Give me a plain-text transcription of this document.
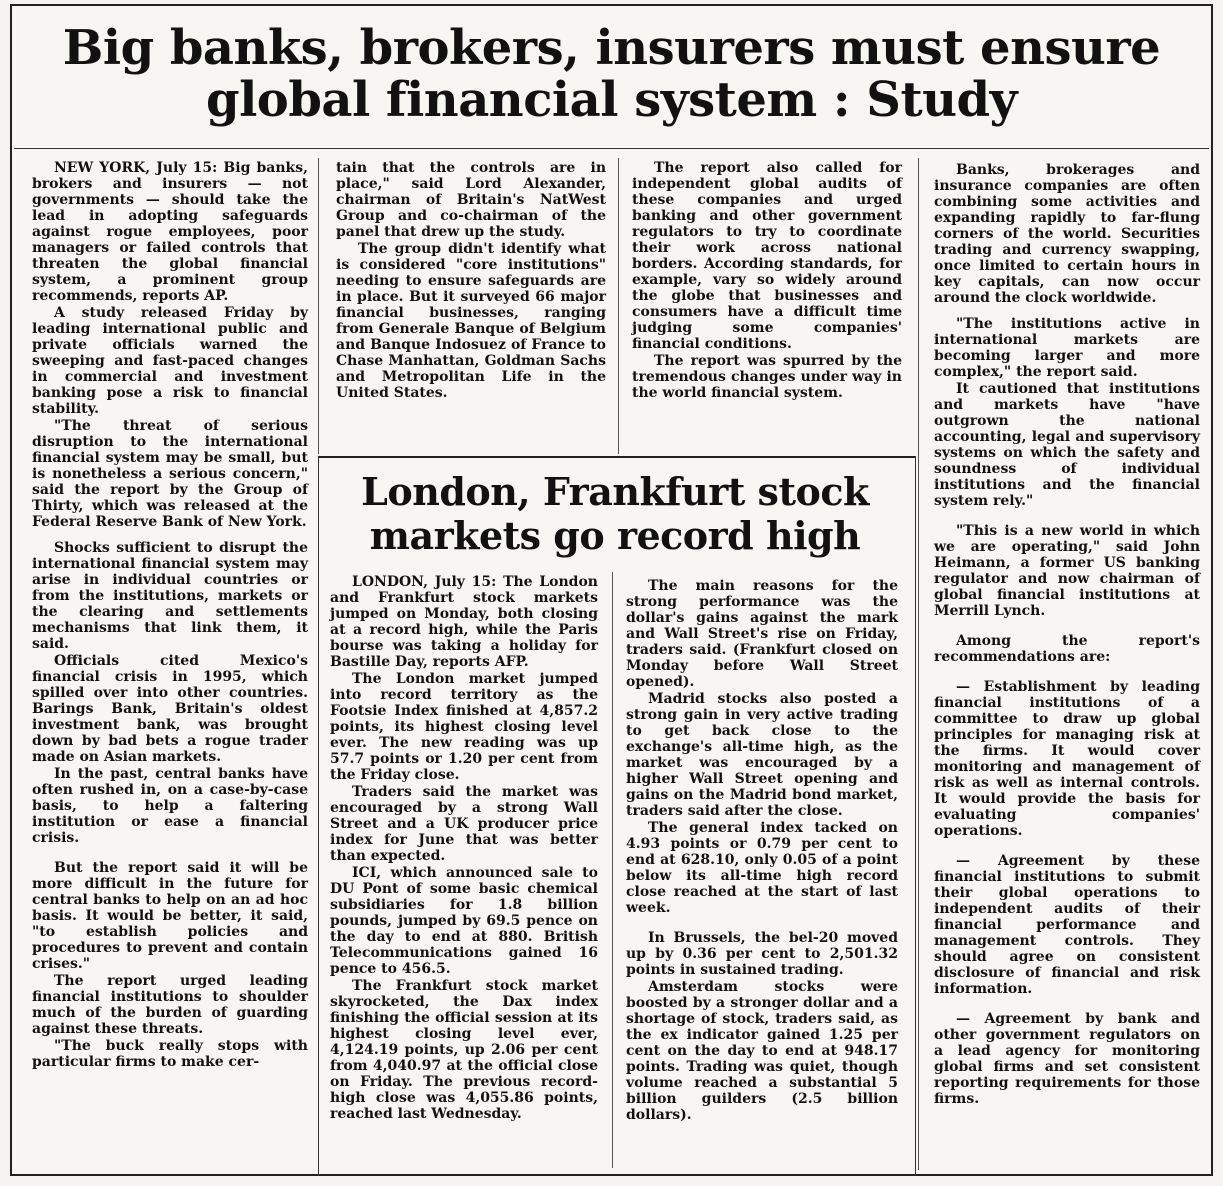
Big banks, brokers, insurers must ensure
global financial system : Study

NEW YORK, July 15: Big banks, brokers and insurers — not governments — should take the lead in adopting safeguards against rogue employees, poor managers or failed controls that threaten the global financial system, a prominent group recommends, reports AP.

A study released Friday by leading international public and private officials warned the sweeping and fast-paced changes in commercial and investment banking pose a risk to financial stability.

"The threat of serious disruption to the international financial system may be small, but is nonetheless a serious concern," said the report by the Group of Thirty, which was released at the Federal Reserve Bank of New York.

Shocks sufficient to disrupt the international financial system may arise in individual countries or from the institutions, markets or the clearing and settlements mechanisms that link them, it said.

Officials cited Mexico's financial crisis in 1995, which spilled over into other countries. Barings Bank, Britain's oldest investment bank, was brought down by bad bets a rogue trader made on Asian markets.

In the past, central banks have often rushed in, on a case-by-case basis, to help a faltering institution or ease a financial crisis.

But the report said it will be more difficult in the future for central banks to help on an ad hoc basis. It would be better, it said, "to establish policies and procedures to prevent and contain crises."

The report urged leading financial institutions to shoulder much of the burden of guarding against these threats.

"The buck really stops with particular firms to make cer-

tain that the controls are in place," said Lord Alexander, chairman of Britain's NatWest Group and co-chairman of the panel that drew up the study.

The group didn't identify what is considered "core institutions" needing to ensure safeguards are in place. But it surveyed 66 major financial businesses, ranging from Generale Banque of Belgium and Banque Indosuez of France to Chase Manhattan, Goldman Sachs and Metropolitan Life in the United States.

The report also called for independent global audits of these companies and urged banking and other government regulators to try to coordinate their work across national borders. According standards, for example, vary so widely around the globe that businesses and consumers have a difficult time judging some companies' financial conditions.

The report was spurred by the tremendous changes under way in the world financial system.

Banks, brokerages and insurance companies are often combining some activities and expanding rapidly to far-flung corners of the world. Securities trading and currency swapping, once limited to certain hours in key capitals, can now occur around the clock worldwide.

"The institutions active in international markets are becoming larger and more complex," the report said.

It cautioned that institutions and markets have "have outgrown the national accounting, legal and supervisory systems on which the safety and soundness of individual institutions and the financial system rely."

"This is a new world in which we are operating," said John Heimann, a former US banking regulator and now chairman of global financial institutions at Merrill Lynch.

Among the report's recommendations are:

— Establishment by leading financial institutions of a committee to draw up global principles for managing risk at the firms. It would cover monitoring and management of risk as well as internal controls. It would provide the basis for evaluating companies' operations.

— Agreement by these financial institutions to submit their global operations to independent audits of their financial performance and management controls. They should agree on consistent disclosure of financial and risk information.

— Agreement by bank and other government regulators on a lead agency for monitoring global firms and set consistent reporting requirements for those firms.

London, Frankfurt stock
markets go record high

LONDON, July 15: The London and Frankfurt stock markets jumped on Monday, both closing at a record high, while the Paris bourse was taking a holiday for Bastille Day, reports AFP.

The London market jumped into record territory as the Footsie Index finished at 4,857.2 points, its highest closing level ever. The new reading was up 57.7 points or 1.20 per cent from the Friday close.

Traders said the market was encouraged by a strong Wall Street and a UK producer price index for June that was better than expected.

ICI, which announced sale to DU Pont of some basic chemical subsidiaries for 1.8 billion pounds, jumped by 69.5 pence on the day to end at 880. British Telecommunications gained 16 pence to 456.5.

The Frankfurt stock market skyrocketed, the Dax index finishing the official session at its highest closing level ever, 4,124.19 points, up 2.06 per cent from 4,040.97 at the official close on Friday. The previous record-high close was 4,055.86 points, reached last Wednesday.

The main reasons for the strong performance was the dollar's gains against the mark and Wall Street's rise on Friday, traders said. (Frankfurt closed on Monday before Wall Street opened).

Madrid stocks also posted a strong gain in very active trading to get back close to the exchange's all-time high, as the market was encouraged by a higher Wall Street opening and gains on the Madrid bond market, traders said after the close.

The general index tacked on 4.93 points or 0.79 per cent to end at 628.10, only 0.05 of a point below its all-time high record close reached at the start of last week.

In Brussels, the bel-20 moved up by 0.36 per cent to 2,501.32 points in sustained trading.

Amsterdam stocks were boosted by a stronger dollar and a shortage of stock, traders said, as the ex indicator gained 1.25 per cent on the day to end at 948.17 points. Trading was quiet, though volume reached a substantial 5 billion guilders (2.5 billion dollars).
